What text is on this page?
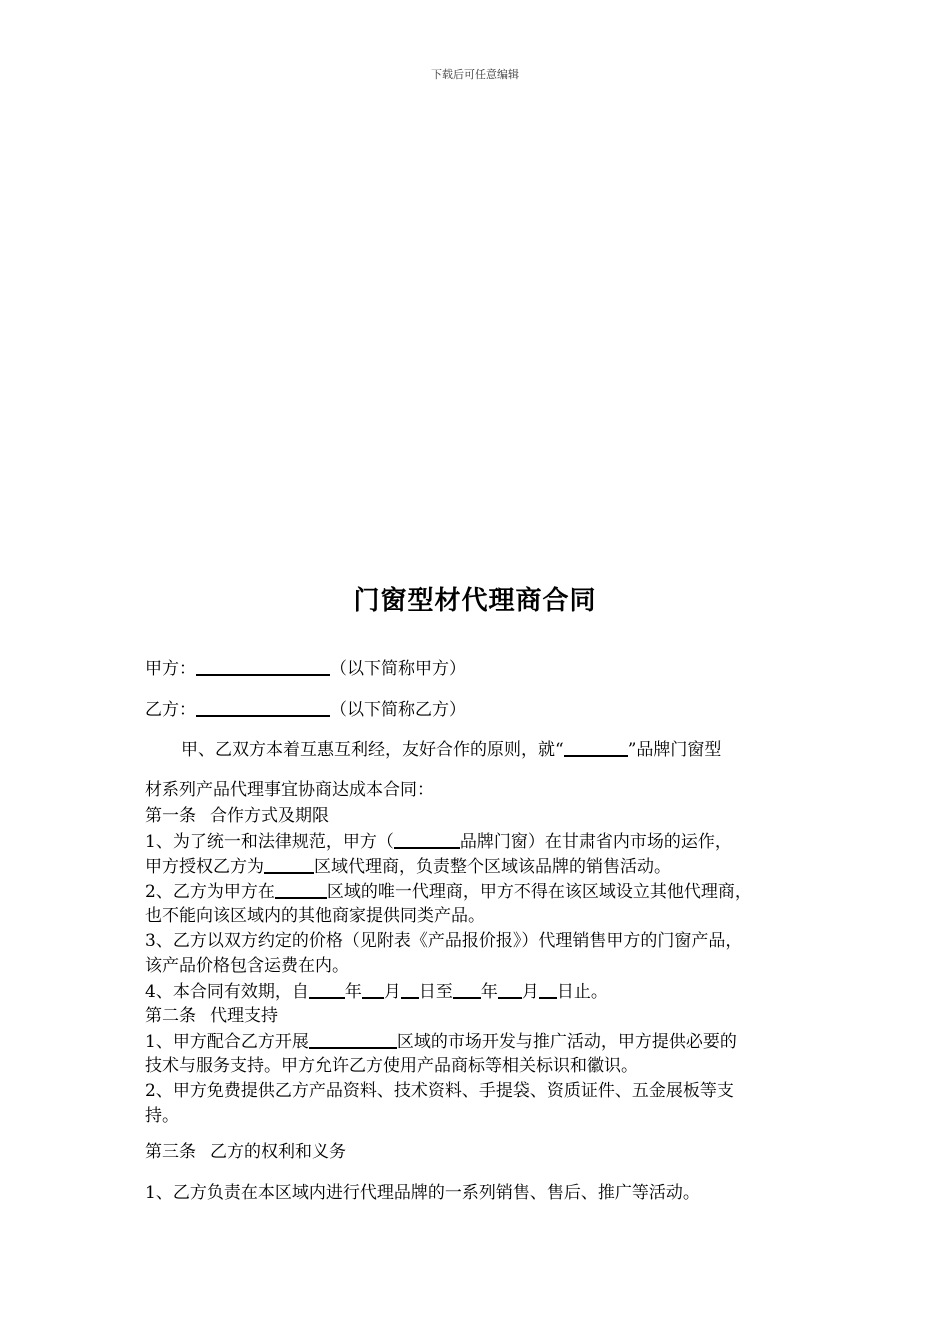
下载后可任意编辑
门窗型材代理商合同
甲方：	（以下简称甲方）
乙方：	（以下简称乙方）
甲、乙双方本着互惠互利经，友好合作的原则，就“	”品牌门窗型
材系列产品代理事宜协商达成本合同：
第一条 合作方式及期限
1、为了统一和法律规范，甲方（	品牌门窗）在甘肃省内市场的运作，
甲方授权乙方为	区域代理商，负责整个区域该品牌的销售活动。
2、乙方为甲方在	区域的唯一代理商，甲方不得在该区域设立其他代理商，
也不能向该区域内的其他商家提供同类产品。
3、乙方以双方约定的价格（见附表《产品报价报》）代理销售甲方的门窗产品，
该产品价格包含运费在内。
4、本合同有效期，自 年 月 日至 年 月 日止。
第二条 代理支持
1、甲方配合乙方开展	区域的市场开发与推广活动，甲方提供必要的
技术与服务支持。甲方允许乙方使用产品商标等相关标识和徽识。
2、甲方免费提供乙方产品资料、技术资料、手提袋、资质证件、五金展板等支
持。
第三条 乙方的权利和义务
1、乙方负责在本区域内进行代理品牌的一系列销售、售后、推广等活动。
